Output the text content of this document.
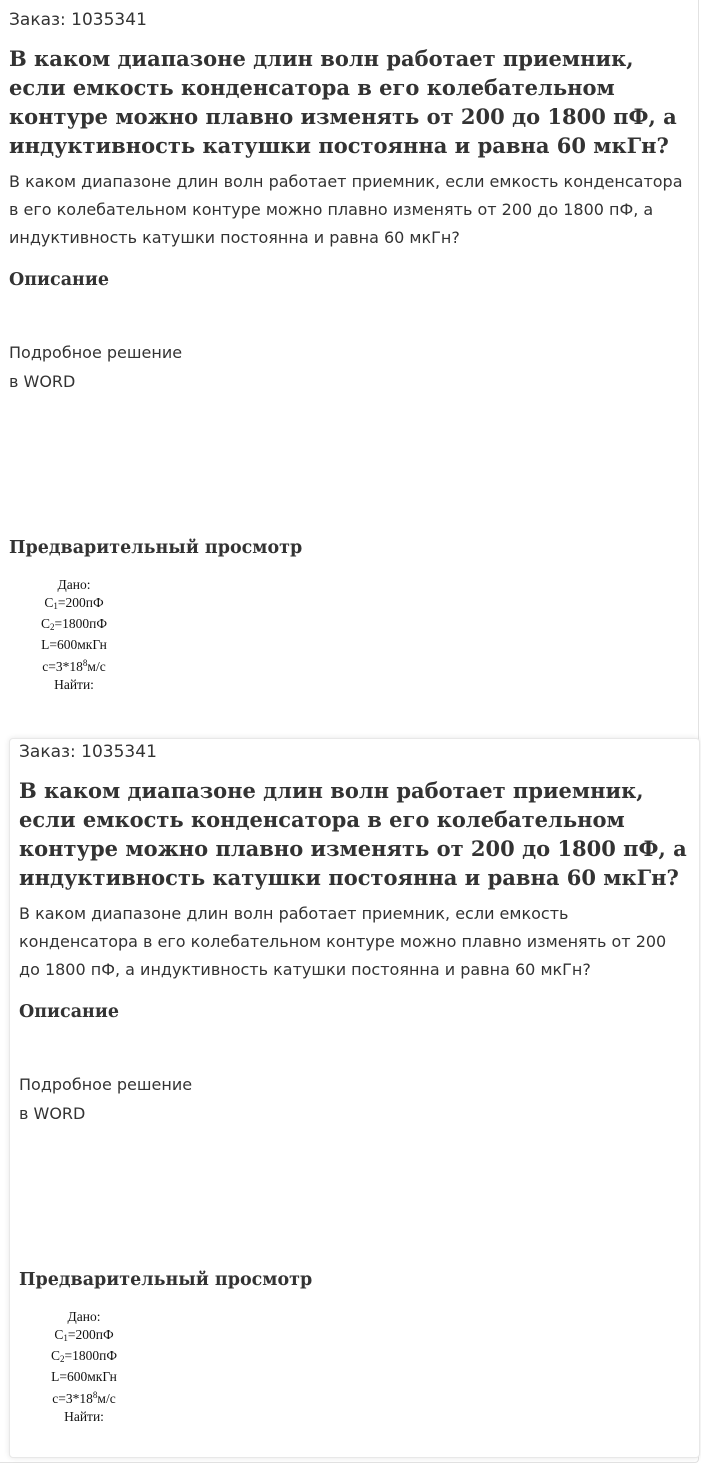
Заказ: 1035341
В каком диапазоне длин волн работает приемник, если емкость конденсатора в его колебательном контуре можно плавно изменять от 200 до 1800 пФ, а индуктивность катушки постоянна и равна 60 мкГн?

В каком диапазоне длин волн работает приемник, если емкость конденсатора в его колебательном контуре можно плавно изменять от 200 до 1800 пФ, а индуктивность катушки постоянна и равна 60 мкГн?

Описание
Подробное решение
в WORD
Предварительный просмотр
Дано:
$C_1=200пФ$
$C_2=1800пФ$
L=600мкГн
$c=3*18^8м/с$
Найти:
Заказ: 1035341
В каком диапазоне длин волн работает приемник, если емкость конденсатора в его колебательном контуре можно плавно изменять от 200 до 1800 пФ, а индуктивность катушки постоянна и равна 60 мкГн?

В каком диапазоне длин волн работает приемник, если емкость конденсатора в его колебательном контуре можно плавно изменять от 200 до 1800 пФ, а индуктивность катушки постоянна и равна 60 мкГн?

Описание
Подробное решение
в WORD
Предварительный просмотр
Дано:
$C_1=200пФ$
$C_2=1800пФ$
L=600мкГн
$c=3*18^8м/с$
Найти:
